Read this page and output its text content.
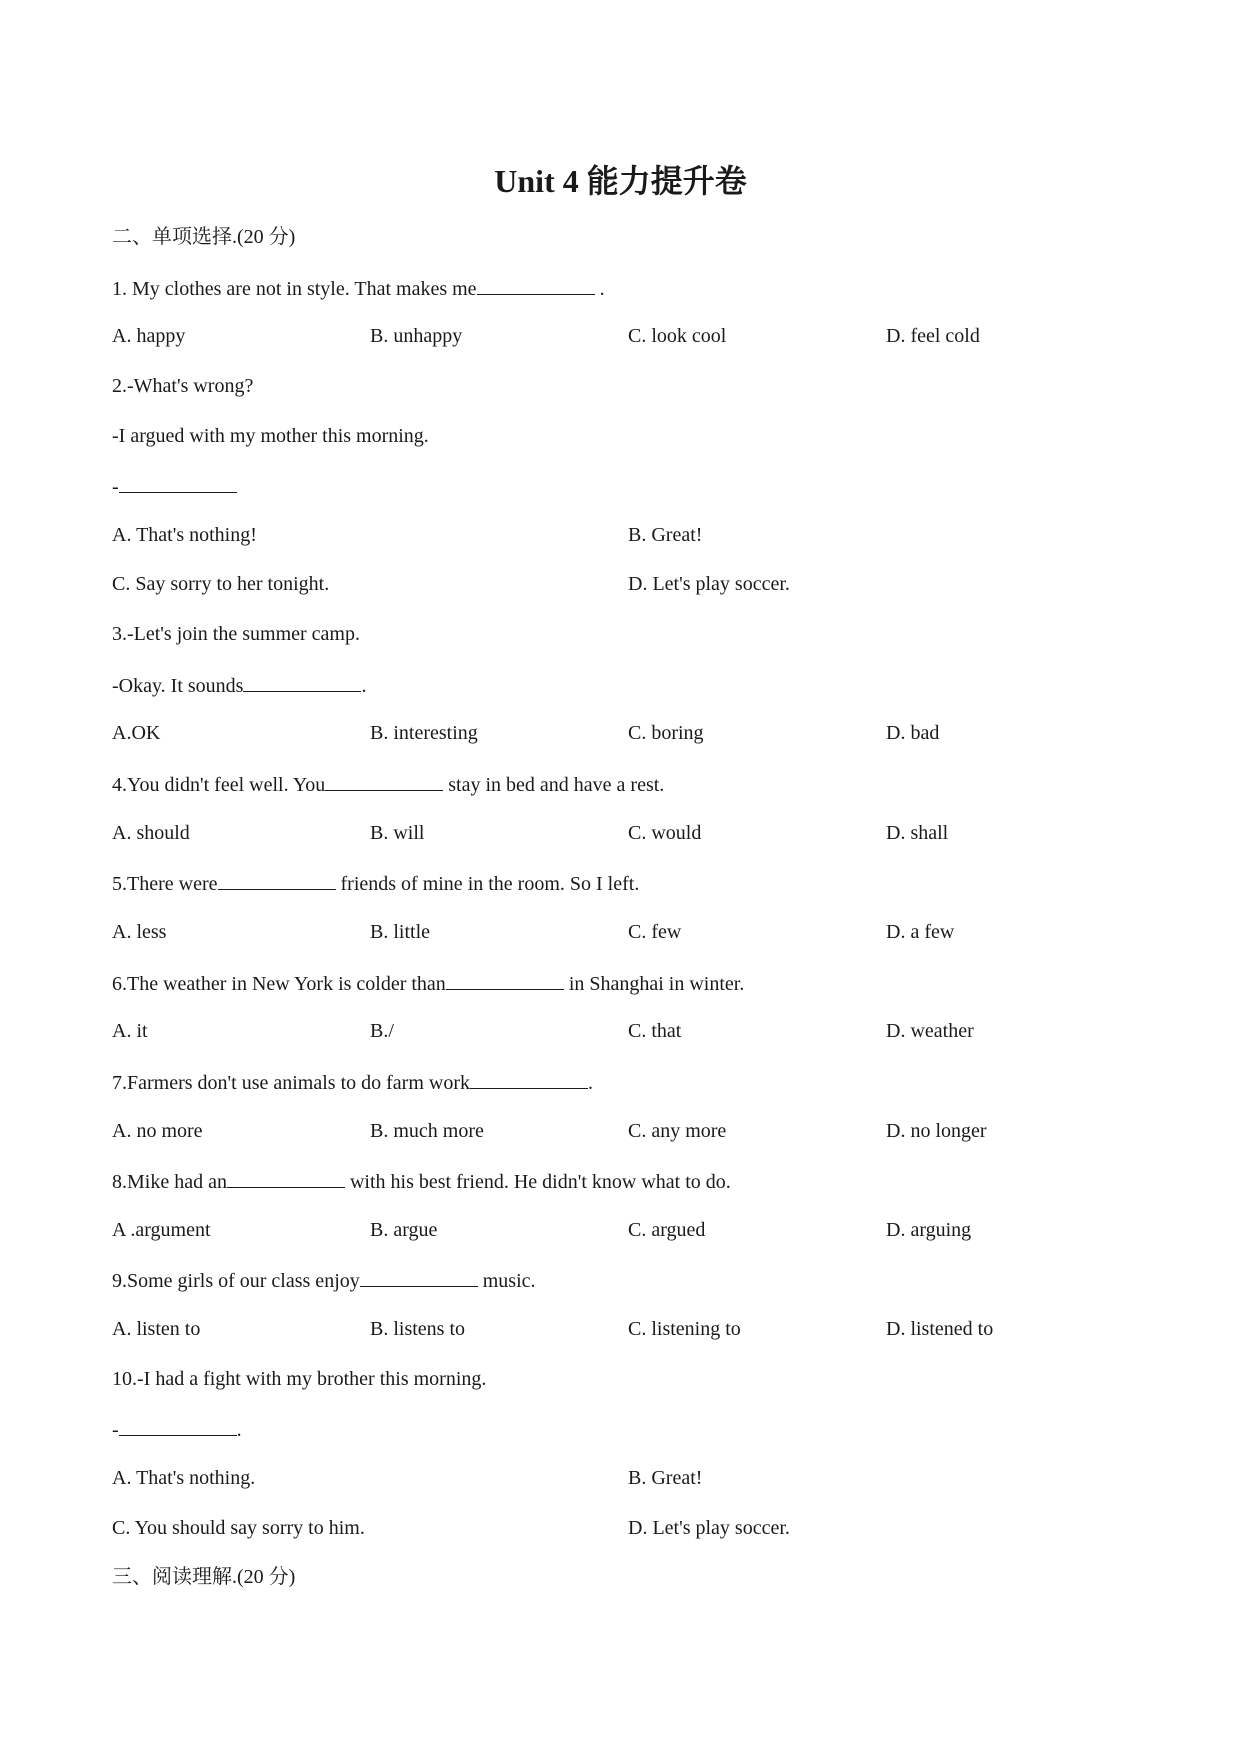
Unit 4 能力提升卷
二、单项选择.(20 分)
1. My clothes are not in style. That makes me	.
A. happy	B. unhappy	C. look cool	D. feel cold
2.-What's wrong?
-I argued with my mother this morning.
-
A. That's nothing!	B. Great!
C. Say sorry to her tonight.	D. Let's play soccer.
3.-Let's join the summer camp.
-Okay. It sounds	.
A.OK	B. interesting	C. boring	D. bad
4.You didn't feel well. You	stay in bed and have a rest.
A. should	B. will	C. would	D. shall
5.There were	friends of mine in the room. So I left.
A. less	B. little	C. few	D. a few
6.The weather in New York is colder than	in Shanghai in winter.
A. it	B./	C. that	D. weather
7.Farmers don't use animals to do farm work	.
A. no more	B. much more	C. any more	D. no longer
8.Mike had an	with his best friend. He didn't know what to do.
A .argument	B. argue	C. argued	D. arguing
9.Some girls of our class enjoy	music.
A. listen to	B. listens to	C. listening to	D. listened to
10.-I had a fight with my brother this morning.
-	.
A. That's nothing.	B. Great!
C. You should say sorry to him.	D. Let's play soccer.
三、阅读理解.(20 分)
